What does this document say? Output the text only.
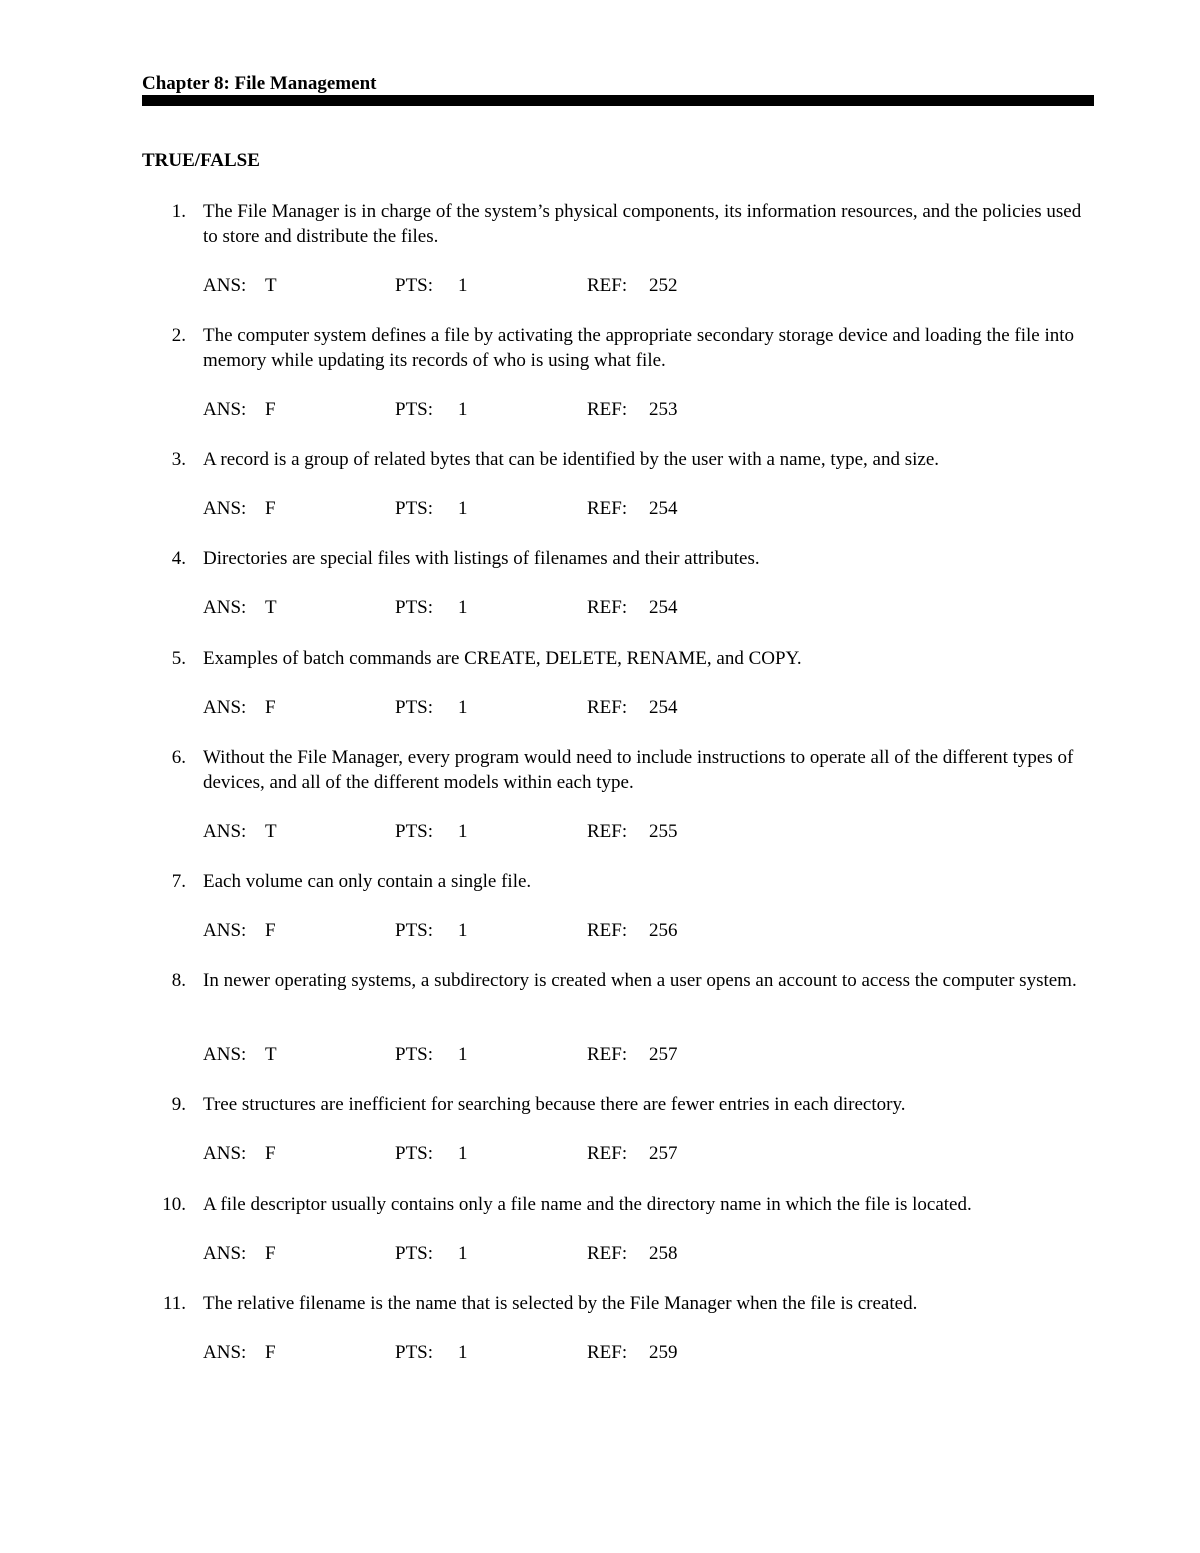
Chapter 8: File Management
TRUE/FALSE
1. The File Manager is in charge of the system’s physical components, its information resources, and the policies used to store and distribute the files.
ANS: T	PTS: 1	REF: 252
2. The computer system defines a file by activating the appropriate secondary storage device and loading the file into memory while updating its records of who is using what file.
ANS: F	PTS: 1	REF: 253
3. A record is a group of related bytes that can be identified by the user with a name, type, and size.
ANS: F	PTS: 1	REF: 254
4. Directories are special files with listings of filenames and their attributes.
ANS: T	PTS: 1	REF: 254
5. Examples of batch commands are CREATE, DELETE, RENAME, and COPY.
ANS: F	PTS: 1	REF: 254
6. Without the File Manager, every program would need to include instructions to operate all of the different types of devices, and all of the different models within each type.
ANS: T	PTS: 1	REF: 255
7. Each volume can only contain a single file.
ANS: F	PTS: 1	REF: 256
8. In newer operating systems, a subdirectory is created when a user opens an account to access the computer system.
ANS: T	PTS: 1	REF: 257
9. Tree structures are inefficient for searching because there are fewer entries in each directory.
ANS: F	PTS: 1	REF: 257
10. A file descriptor usually contains only a file name and the directory name in which the file is located.
ANS: F	PTS: 1	REF: 258
11. The relative filename is the name that is selected by the File Manager when the file is created.
ANS: F	PTS: 1	REF: 259
